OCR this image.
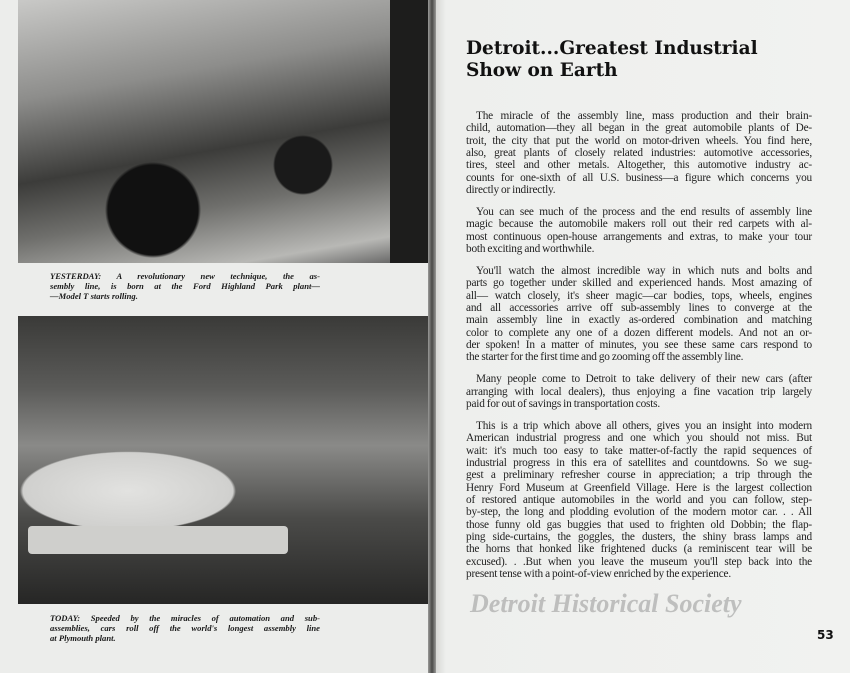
YESTERDAY: A revolutionary new technique, the as-
sembly line, is born at the Ford Highland Park plant—
—Model T starts rolling.
TODAY: Speeded by the miracles of automation and sub-
assemblies, cars roll off the world's longest assembly line
at Plymouth plant.
Detroit...Greatest Industrial
Show on Earth
The miracle of the assembly line, mass production and their brain-
child, automation—they all began in the great automobile plants of De-
troit, the city that put the world on motor-driven wheels. You find here,
also, great plants of closely related industries: automotive accessories,
tires, steel and other metals. Altogether, this automotive industry ac-
counts for one-sixth of all U.S. business—a figure which concerns you
directly or indirectly.
You can see much of the process and the end results of assembly line
magic because the automobile makers roll out their red carpets with al-
most continuous open-house arrangements and extras, to make your tour
both exciting and worthwhile.
You'll watch the almost incredible way in which nuts and bolts and
parts go together under skilled and experienced hands. Most amazing of
all— watch closely, it's sheer magic—car bodies, tops, wheels, engines
and all accessories arrive off sub-assembly lines to converge at the
main assembly line in exactly as-ordered combination and matching
color to complete any one of a dozen different models. And not an or-
der spoken! In a matter of minutes, you see these same cars respond to
the starter for the first time and go zooming off the assembly line.
Many people come to Detroit to take delivery of their new cars (after
arranging with local dealers), thus enjoying a fine vacation trip largely
paid for out of savings in transportation costs.
This is a trip which above all others, gives you an insight into modern
American industrial progress and one which you should not miss. But
wait: it's much too easy to take matter-of-factly the rapid sequences of
industrial progress in this era of satellites and countdowns. So we sug-
gest a preliminary refresher course in appreciation; a trip through the
Henry Ford Museum at Greenfield Village. Here is the largest collection
of restored antique automobiles in the world and you can follow, step-
by-step, the long and plodding evolution of the modern motor car. . . All
those funny old gas buggies that used to frighten old Dobbin; the flap-
ping side-curtains, the goggles, the dusters, the shiny brass lamps and
the horns that honked like frightened ducks (a reminiscent tear will be
excused). . .But when you leave the museum you'll step back into the
present tense with a point-of-view enriched by the experience.
Detroit Historical Society
53
